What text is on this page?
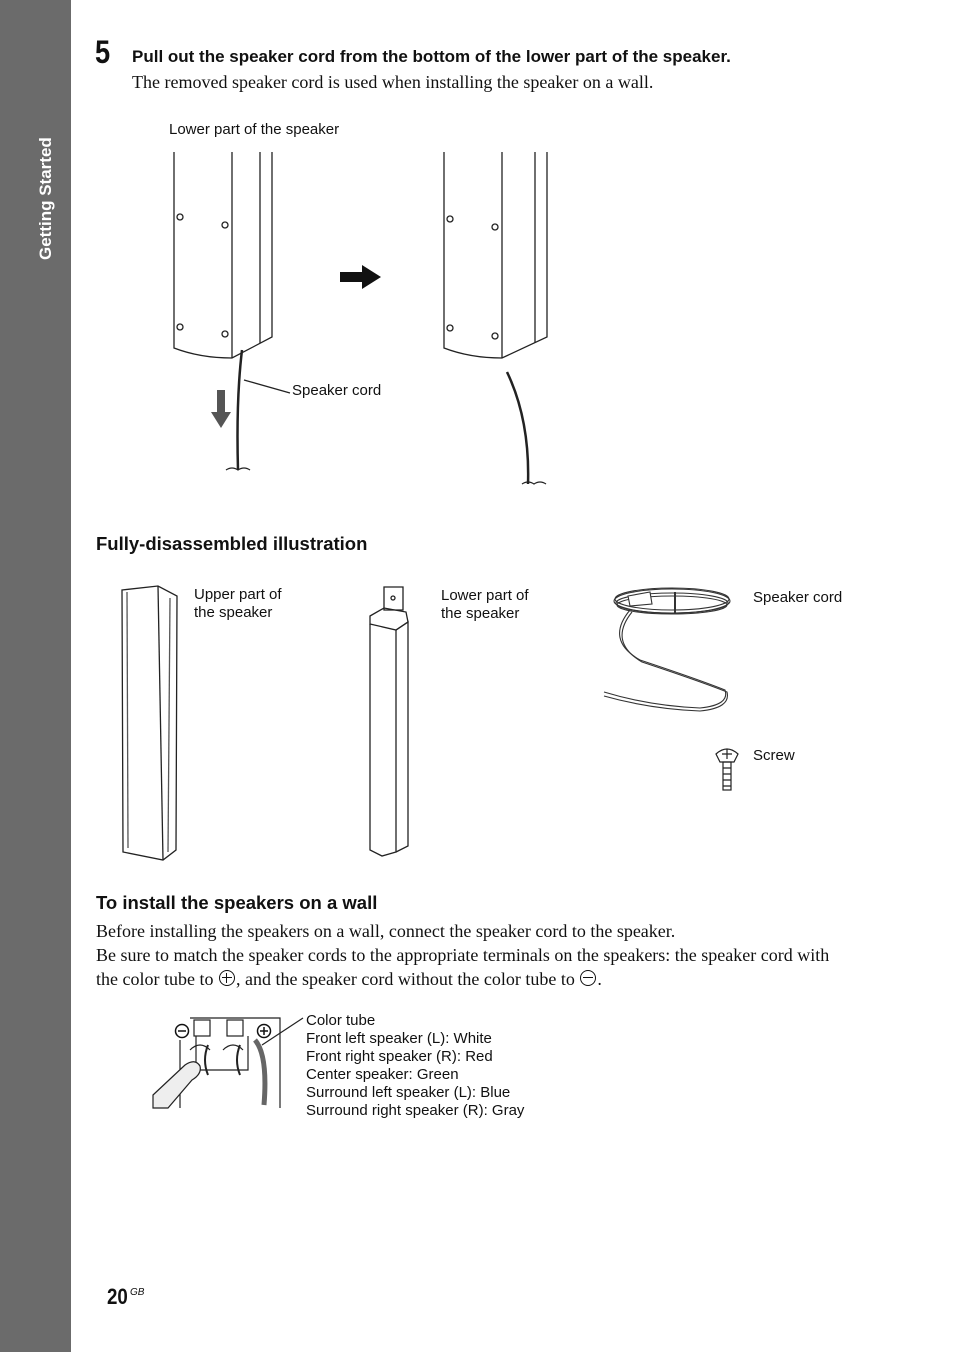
Getting Started
5 Pull out the speaker cord from the bottom of the lower part of the speaker.
The removed speaker cord is used when installing the speaker on a wall.
Lower part of the speaker
Speaker cord
Fully-disassembled illustration
Upper part of
the speaker
Lower part of
the speaker
Speaker cord
Screw
To install the speakers on a wall
Before installing the speakers on a wall, connect the speaker cord to the speaker.
Be sure to match the speaker cords to the appropriate terminals on the speakers: the speaker cord with
the color tube to , and the speaker cord without the color tube to .
Color tube
Front left speaker (L): White
Front right speaker (R): Red
Center speaker: Green
Surround left speaker (L): Blue
Surround right speaker (R): Gray
20 GB
